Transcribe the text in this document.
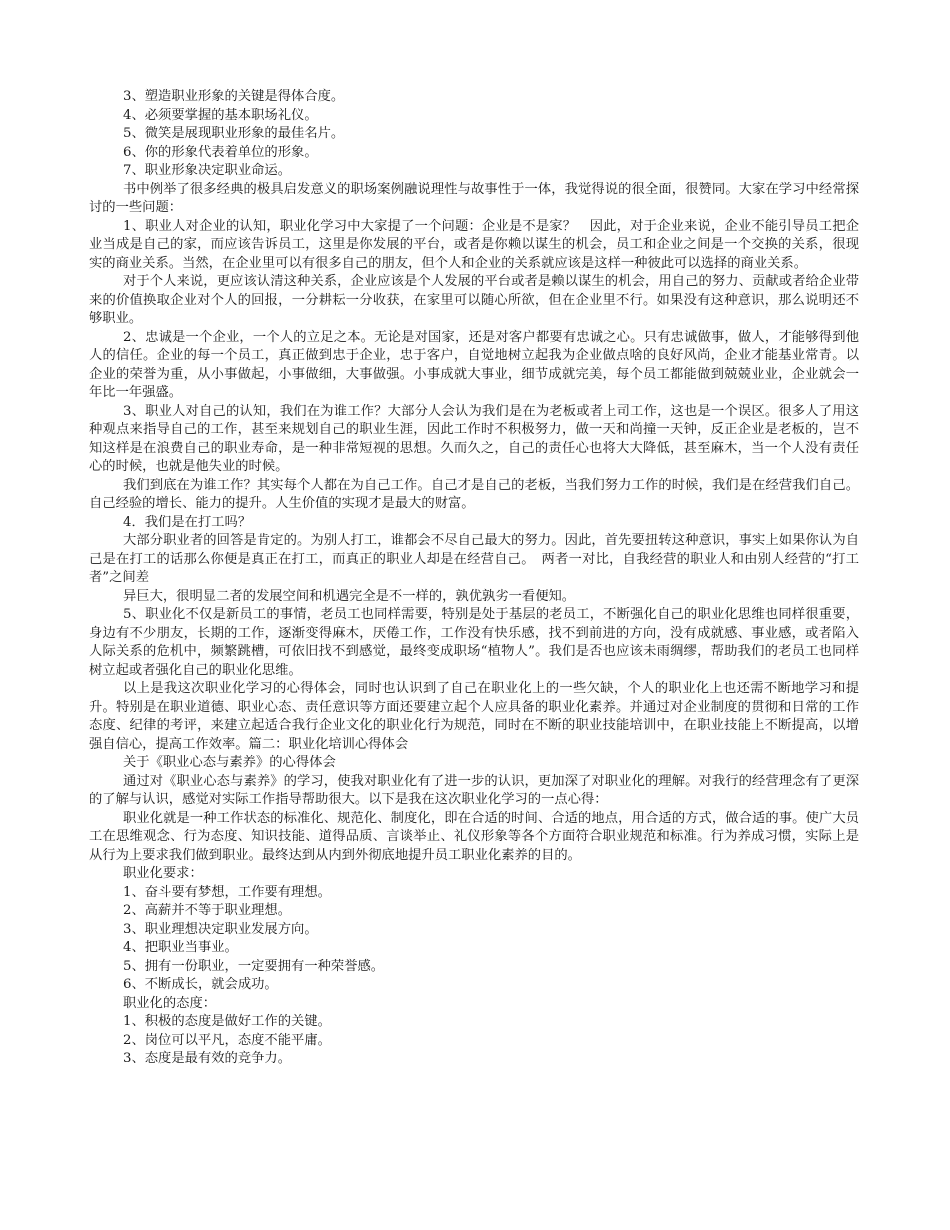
3、塑造职业形象的关键是得体合度。

4、必须要掌握的基本职场礼仪。

5、微笑是展现职业形象的最佳名片。

6、你的形象代表着单位的形象。

7、职业形象决定职业命运。

书中例举了很多经典的极具启发意义的职场案例融说理性与故事性于一体，我觉得说的很全面，很赞同。大家在学习中经常探讨的一些问题：

1、职业人对企业的认知，职业化学习中大家提了一个问题：企业是不是家？　因此，对于企业来说，企业不能引导员工把企业当成是自己的家，而应该告诉员工，这里是你发展的平台，或者是你赖以谋生的机会，员工和企业之间是一个交换的关系，很现实的商业关系。当然，在企业里可以有很多自己的朋友，但个人和企业的关系就应该是这样一种彼此可以选择的商业关系。

对于个人来说，更应该认清这种关系，企业应该是个人发展的平台或者是赖以谋生的机会，用自己的努力、贡献或者给企业带来的价值换取企业对个人的回报，一分耕耘一分收获，在家里可以随心所欲，但在企业里不行。如果没有这种意识，那么说明还不够职业。

2、忠诚是一个企业，一个人的立足之本。无论是对国家，还是对客户都要有忠诚之心。只有忠诚做事，做人，才能够得到他人的信任。企业的每一个员工，真正做到忠于企业，忠于客户，自觉地树立起我为企业做点啥的良好风尚，企业才能基业常青。以企业的荣誉为重，从小事做起，小事做细，大事做强。小事成就大事业，细节成就完美，每个员工都能做到兢兢业业，企业就会一年比一年强盛。

3、职业人对自己的认知，我们在为谁工作？大部分人会认为我们是在为老板或者上司工作，这也是一个误区。很多人了用这种观点来指导自己的工作，甚至来规划自己的职业生涯，因此工作时不积极努力，做一天和尚撞一天钟，反正企业是老板的，岂不知这样是在浪费自己的职业寿命，是一种非常短视的思想。久而久之，自己的责任心也将大大降低，甚至麻木，当一个人没有责任心的时候，也就是他失业的时候。

我们到底在为谁工作？其实每个人都在为自己工作。自己才是自己的老板，当我们努力工作的时候，我们是在经营我们自己。自己经验的增长、能力的提升。人生价值的实现才是最大的财富。

4．我们是在打工吗？

大部分职业者的回答是肯定的。为别人打工，谁都会不尽自己最大的努力。因此，首先要扭转这种意识，事实上如果你认为自己是在打工的话那么你便是真正在打工，而真正的职业人却是在经营自己。　两者一对比，自我经营的职业人和由别人经营的“打工者”之间差

异巨大，很明显二者的发展空间和机遇完全是不一样的，孰优孰劣一看便知。

5、职业化不仅是新员工的事情，老员工也同样需要，特别是处于基层的老员工，不断强化自己的职业化思维也同样很重要，身边有不少朋友，长期的工作，逐渐变得麻木，厌倦工作，工作没有快乐感，找不到前进的方向，没有成就感、事业感，或者陷入人际关系的危机中，频繁跳槽，可依旧找不到感觉，最终变成职场“植物人”。我们是否也应该未雨绸缪，帮助我们的老员工也同样树立起或者强化自己的职业化思维。

以上是我这次职业化学习的心得体会，同时也认识到了自己在职业化上的一些欠缺，个人的职业化上也还需不断地学习和提升。特别是在职业道德、职业心态、责任意识等方面还要建立起个人应具备的职业化素养。并通过对企业制度的贯彻和日常的工作态度、纪律的考评，来建立起适合我行企业文化的职业化行为规范，同时在不断的职业技能培训中，在职业技能上不断提高，以增强自信心，提高工作效率。篇二：职业化培训心得体会

关于《职业心态与素养》的心得体会

通过对《职业心态与素养》的学习，使我对职业化有了进一步的认识，更加深了对职业化的理解。对我行的经营理念有了更深的了解与认识，感觉对实际工作指导帮助很大。以下是我在这次职业化学习的一点心得：

职业化就是一种工作状态的标准化、规范化、制度化，即在合适的时间、合适的地点，用合适的方式，做合适的事。使广大员工在思维观念、行为态度、知识技能、道得品质、言谈举止、礼仪形象等各个方面符合职业规范和标准。行为养成习惯，实际上是从行为上要求我们做到职业。最终达到从内到外彻底地提升员工职业化素养的目的。

职业化要求：

1、奋斗要有梦想，工作要有理想。

2、高薪并不等于职业理想。

3、职业理想决定职业发展方向。

4、把职业当事业。

5、拥有一份职业，一定要拥有一种荣誉感。

6、不断成长，就会成功。

职业化的态度：

1、积极的态度是做好工作的关键。

2、岗位可以平凡，态度不能平庸。

3、态度是最有效的竞争力。
